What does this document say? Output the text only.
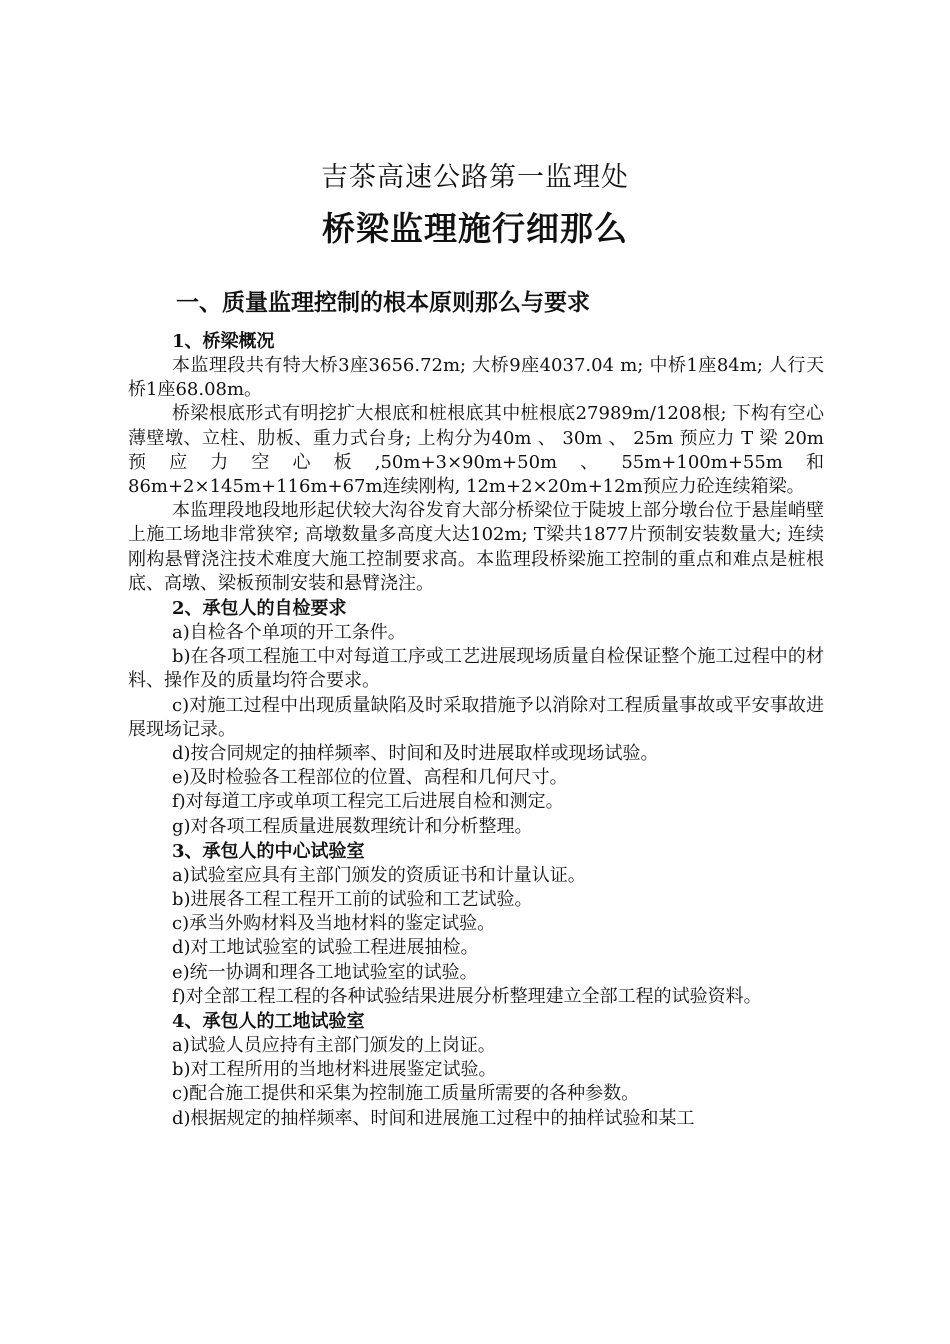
吉茶高速公路第一监理处
桥梁监理施行细那么
一、质量监理控制的根本原则那么与要求
1、桥梁概况

本监理段共有特大桥3座3656.72m; 大桥9座4037.04 m; 中桥1座84m; 人行天桥1座68.08m。

桥梁根底形式有明挖扩大根底和桩根底其中桩根底27989m/1208根; 下构有空心薄壁墩、立柱、肋板、重力式台身; 上构分为40m 、 30m 、 25m 预应力 T 梁 20m 预应力空心板,50m+3×90m+50m、55m+100m+55m和86m+2×145m+116m+67m连续刚构, 12m+2×20m+12m预应力砼连续箱梁。

本监理段地段地形起伏较大沟谷发育大部分桥梁位于陡坡上部分墩台位于悬崖峭壁上施工场地非常狭窄; 高墩数量多高度大达102m; T梁共1877片预制安装数量大; 连续刚构悬臂浇注技术难度大施工控制要求高。本监理段桥梁施工控制的重点和难点是桩根底、高墩、梁板预制安装和悬臂浇注。

2、承包人的自检要求

a)自检各个单项的开工条件。

b)在各项工程施工中对每道工序或工艺进展现场质量自检保证整个施工过程中的材料、操作及的质量均符合要求。

c)对施工过程中出现质量缺陷及时采取措施予以消除对工程质量事故或平安事故进展现场记录。

d)按合同规定的抽样频率、时间和及时进展取样或现场试验。

e)及时检验各工程部位的位置、高程和几何尺寸。

f)对每道工序或单项工程完工后进展自检和测定。

g)对各项工程质量进展数理统计和分析整理。

3、承包人的中心试验室

a)试验室应具有主部门颁发的资质证书和计量认证。

b)进展各工程工程开工前的试验和工艺试验。

c)承当外购材料及当地材料的鉴定试验。

d)对工地试验室的试验工程进展抽检。

e)统一协调和理各工地试验室的试验。

f)对全部工程工程的各种试验结果进展分析整理建立全部工程的试验资料。

4、承包人的工地试验室

a)试验人员应持有主部门颁发的上岗证。

b)对工程所用的当地材料进展鉴定试验。

c)配合施工提供和采集为控制施工质量所需要的各种参数。

d)根据规定的抽样频率、时间和进展施工过程中的抽样试验和某工
